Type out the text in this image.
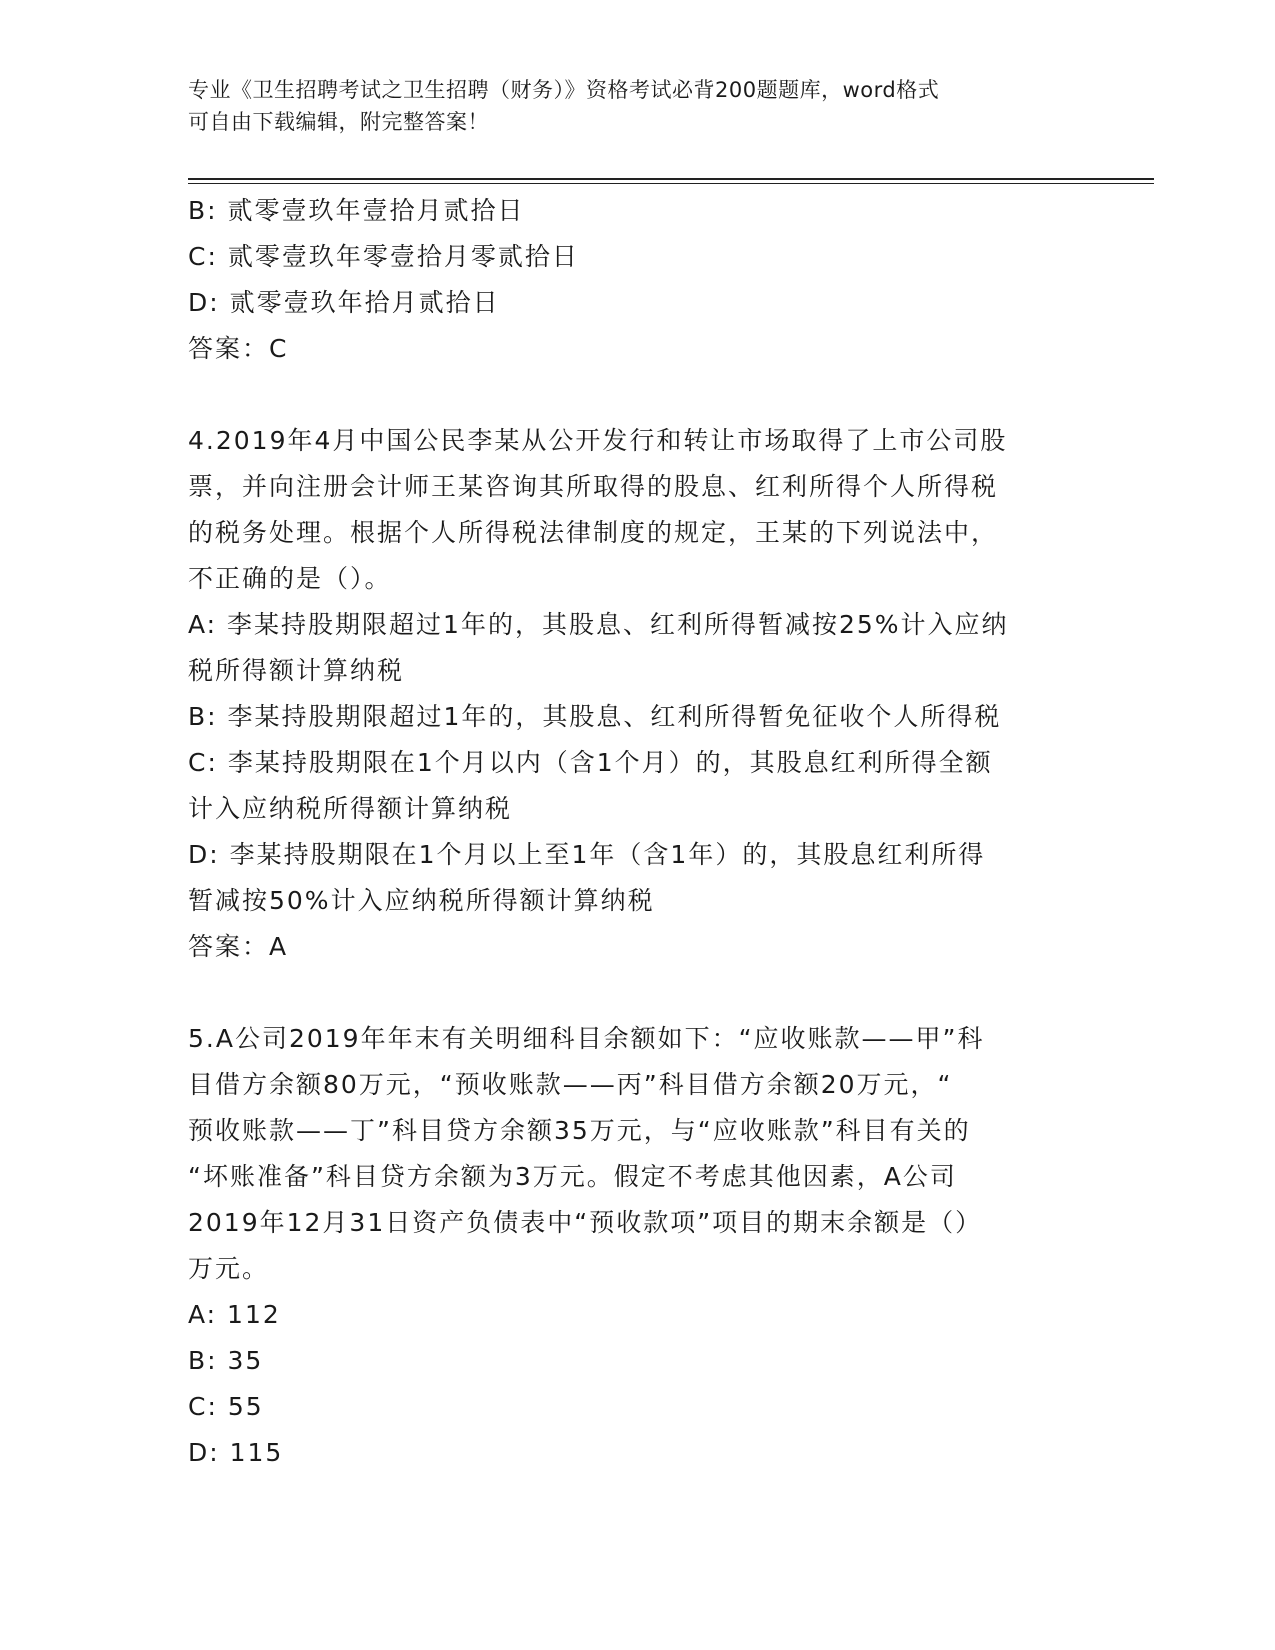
专业《卫生招聘考试之卫生招聘（财务）》资格考试必背200题题库，word格式
可自由下载编辑，附完整答案！
B: 贰零壹玖年壹拾月贰拾日
C: 贰零壹玖年零壹拾月零贰拾日
D: 贰零壹玖年拾月贰拾日
答案：C
4.2019年4月中国公民李某从公开发行和转让市场取得了上市公司股
票，并向注册会计师王某咨询其所取得的股息、红利所得个人所得税
的税务处理。根据个人所得税法律制度的规定，王某的下列说法中，
不正确的是（）。
A: 李某持股期限超过1年的，其股息、红利所得暂减按25%计入应纳
税所得额计算纳税
B: 李某持股期限超过1年的，其股息、红利所得暂免征收个人所得税
C: 李某持股期限在1个月以内（含1个月）的，其股息红利所得全额
计入应纳税所得额计算纳税
D: 李某持股期限在1个月以上至1年（含1年）的，其股息红利所得
暂减按50%计入应纳税所得额计算纳税
答案：A
5.A公司2019年年末有关明细科目余额如下：“应收账款——甲”科
目借方余额80万元，“预收账款——丙”科目借方余额20万元，“
预收账款——丁”科目贷方余额35万元，与“应收账款”科目有关的
“坏账准备”科目贷方余额为3万元。假定不考虑其他因素，A公司
2019年12月31日资产负债表中“预收款项”项目的期末余额是（）
万元。
A: 112
B: 35
C: 55
D: 115
